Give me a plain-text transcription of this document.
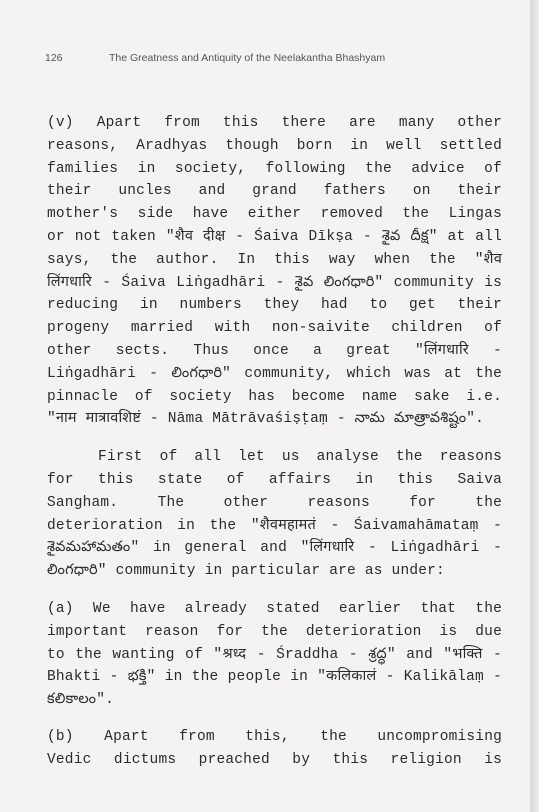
126	The Greatness and Antiquity of the Neelakantha Bhashyam
(v) Apart from this there are many other
reasons, Aradhyas though born in well settled
families in society, following the advice of
their uncles and grand fathers on their
mother's side have either removed the Lingas
or not taken "शैव दीक्ष - Śaiva Dīkṣa - శైవ దీక్ష" at all
says, the author. In this way when the "शैव
लिंगधारि - Śaiva Liṅgadhāri - శైవ లింగధారి" community is
reducing in numbers they had to get their
progeny married with non-saivite children of
other sects. Thus once a great "लिंगधारि -
Liṅgadhāri - లింగధారి" community, which was at the
pinnacle of society has become name sake i.e.
"नाम मात्रावशिष्टं - Nāma Mātrāvaśiṣṭaṃ - నామ మాత్రావశిష్టం".
First of all let us analyse the reasons
for this state of affairs in this Saiva
Sangham. The other reasons for the
deterioration in the "शैवमहामतं - Śaivamahāmataṃ -
శైవమహామతం" in general and "लिंगधारि - Liṅgadhāri -
లింగధారి" community in particular are as under:
(a) We have already stated earlier that the
important reason for the deterioration is due
to the wanting of "श्रध्द - Śraddha - శ్రద్ధ" and "भक्ति -
Bhakti - భక్తి" in the people in "कलिकालं - Kalikālaṃ -
కలికాలం".
(b) Apart from this, the uncompromising
Vedic dictums preached by this religion is
